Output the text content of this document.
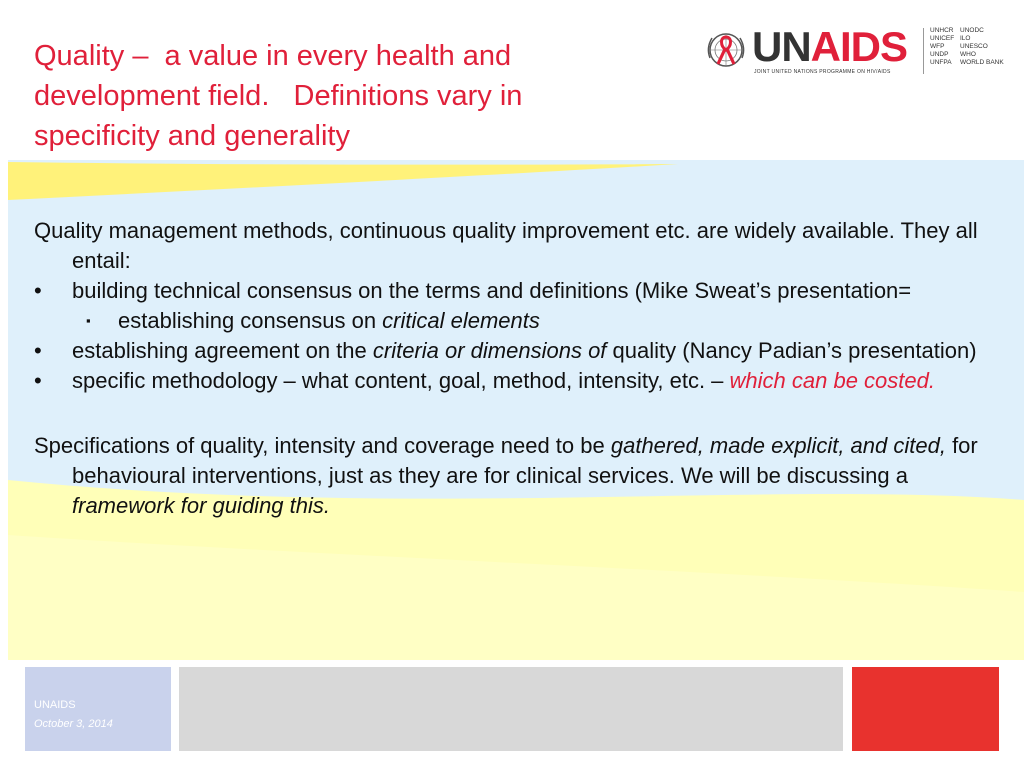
Quality –  a value in every health and
development field.   Definitions vary in
specificity and generality
UNAIDS
JOINT UNITED NATIONS PROGRAMME ON HIV/AIDS
UNHCR
UNICEF
WFP
UNDP
UNFPA
UNODC
ILO
UNESCO
WHO
WORLD BANK

Quality management methods, continuous quality improvement etc. are widely available. They all entail:

• building technical consensus on the terms and definitions (Mike Sweat’s presentation=

▪ establishing consensus on critical elements

• establishing agreement on the criteria or dimensions of quality (Nancy Padian’s presentation)

• specific methodology – what content, goal, method, intensity, etc. – which can be costed.

Specifications of quality, intensity and coverage need to be gathered, made explicit, and cited, for behavioural interventions, just as they are for clinical services. We will be discussing a framework for guiding this.

UNAIDS
October 3, 2014
